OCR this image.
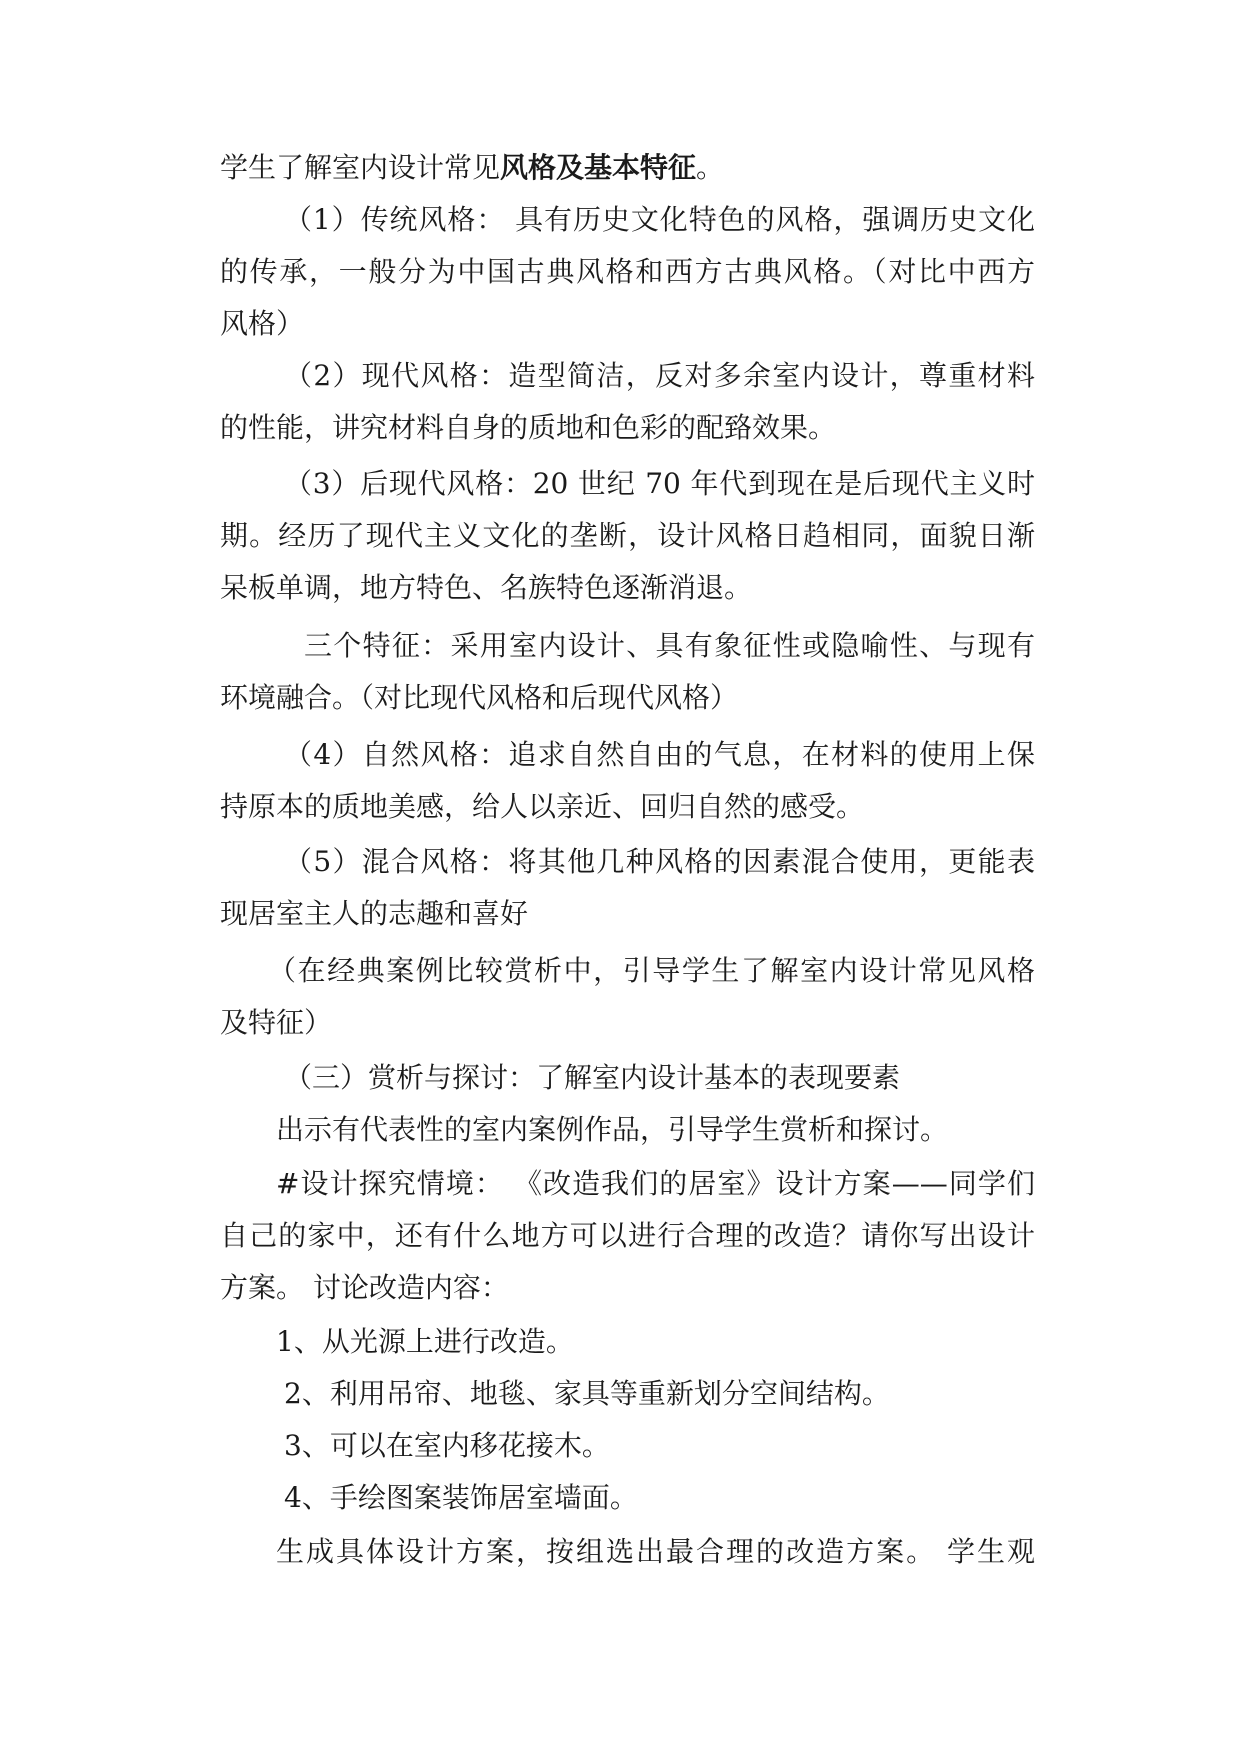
学生了解室内设计常见风格及基本特征。
（1）传统风格： 具有历史文化特色的风格，强调历史文化
的传承，一般分为中国古典风格和西方古典风格。（对比中西方
风格）
（2）现代风格：造型简洁，反对多余室内设计，尊重材料
的性能，讲究材料自身的质地和色彩的配臵效果。
（3）后现代风格：20 世纪 70 年代到现在是后现代主义时
期。经历了现代主义文化的垄断，设计风格日趋相同，面貌日渐
呆板单调，地方特色、名族特色逐渐消退。
三个特征：采用室内设计、具有象征性或隐喻性、与现有
环境融合。（对比现代风格和后现代风格）
（4）自然风格：追求自然自由的气息，在材料的使用上保
持原本的质地美感，给人以亲近、回归自然的感受。
（5）混合风格：将其他几种风格的因素混合使用，更能表
现居室主人的志趣和喜好
（在经典案例比较赏析中，引导学生了解室内设计常见风格
及特征）
（三）赏析与探讨：了解室内设计基本的表现要素
出示有代表性的室内案例作品，引导学生赏析和探讨。
#设计探究情境： 《改造我们的居室》设计方案——同学们
自己的家中，还有什么地方可以进行合理的改造？请你写出设计
方案。 讨论改造内容：
1、从光源上进行改造。
2、利用吊帘、地毯、家具等重新划分空间结构。
3、可以在室内移花接木。
4、手绘图案装饰居室墙面。
生成具体设计方案，按组选出最合理的改造方案。 学生观
